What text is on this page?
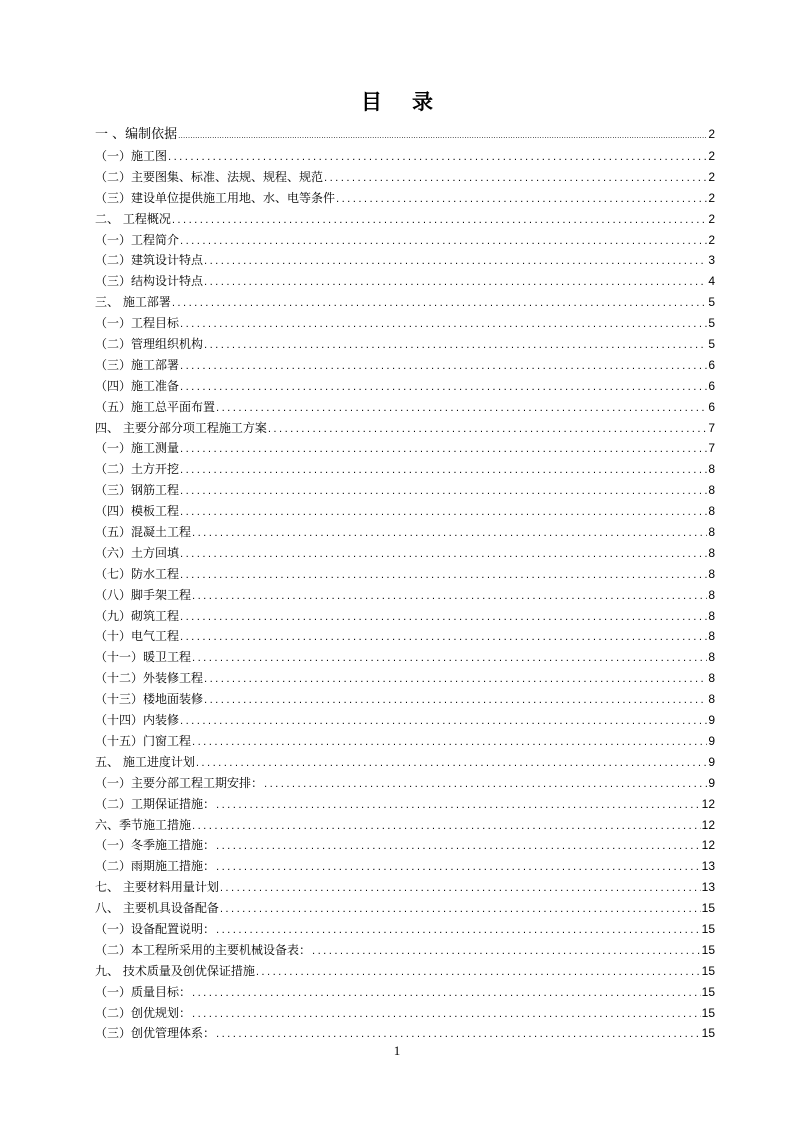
目 录
一 、编制依据 .....	2
（一）施工图 .....	2
（二）主要图集、标准、法规、规程、规范 .....	2
（三）建设单位提供施工用地、水、电等条件 .....	2
二、 工程概况 .....	2
（一）工程简介 .....	2
（二）建筑设计特点 .....	3
（三）结构设计特点 .....	4
三、 施工部署 .....	5
（一）工程目标 .....	5
（二）管理组织机构 .....	5
（三）施工部署 .....	6
（四）施工准备 .....	6
（五）施工总平面布置 .....	6
四、 主要分部分项工程施工方案 .....	7
（一）施工测量 .....	7
（二）土方开挖 .....	8
（三）钢筋工程 .....	8
（四）模板工程 .....	8
（五）混凝土工程 .....	8
（六）土方回填 .....	8
（七）防水工程 .....	8
（八）脚手架工程 .....	8
（九）砌筑工程 .....	8
（十）电气工程 .....	8
（十一）暖卫工程 .....	8
（十二）外装修工程 .....	8
（十三）楼地面装修 .....	8
（十四）内装修 .....	9
（十五）门窗工程 .....	9
五、 施工进度计划 .....	9
（一）主要分部工程工期安排： .....	9
（二）工期保证措施： .....	12
六、季节施工措施 .....	12
（一）冬季施工措施： .....	12
（二）雨期施工措施： .....	13
七、 主要材料用量计划 .....	13
八、 主要机具设备配备 .....	15
（一）设备配置说明： .....	15
（二）本工程所采用的主要机械设备表： .....	15
九、 技术质量及创优保证措施 .....	15
（一）质量目标： .....	15
（二）创优规划： .....	15
（三）创优管理体系： .....	15
1
